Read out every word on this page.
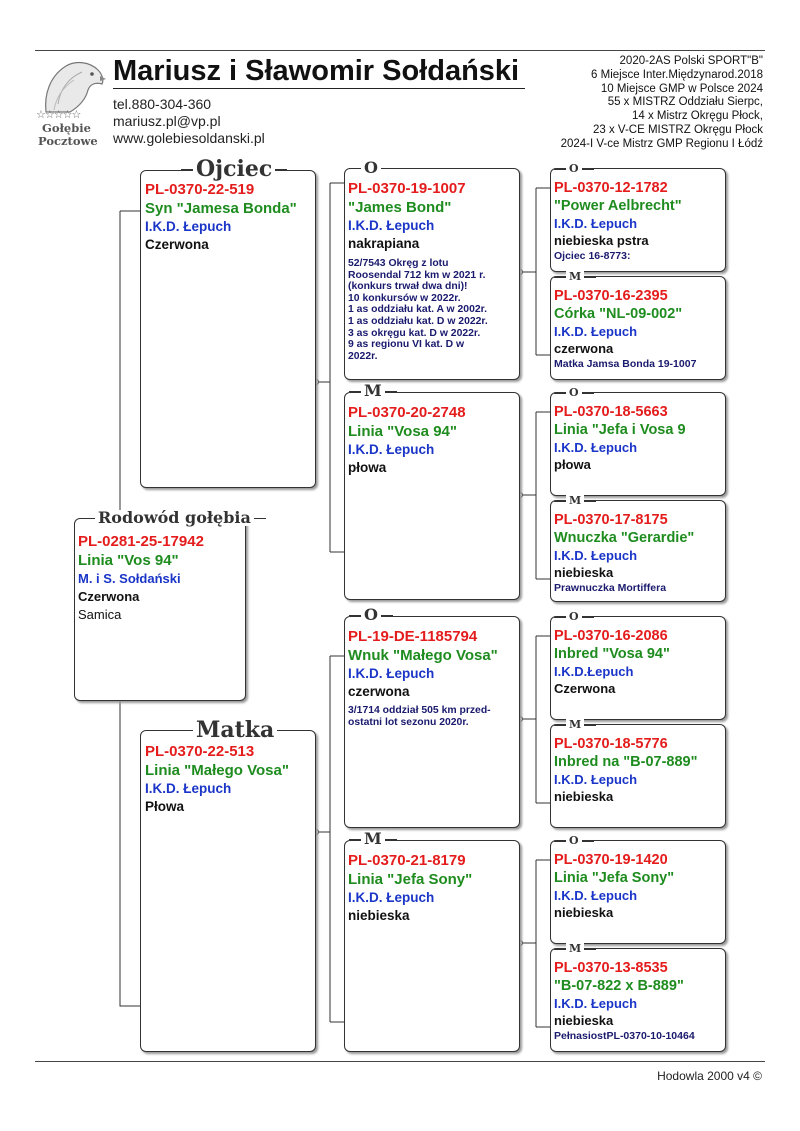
☆☆☆☆☆
Gołębie
Pocztowe
Mariusz i Sławomir Sołdański
tel.880-304-360
mariusz.pl@vp.pl
www.golebiesoldanski.pl
2020-2AS Polski SPORT"B"
6 Miejsce Inter.Międzynarod.2018
10 Miejsce GMP w Polsce 2024
55 x MISTRZ Oddziału Sierpc,
14 x Mistrz Okręgu Płock,
23 x V-CE MISTRZ Okręgu Płock
2024-I V-ce Mistrz GMP Regionu I Łódź
Rodowód gołębia
PL-0281-25-17942
Linia "Vos 94"
M. i S. Sołdański
Czerwona
Samica
Ojciec
PL-0370-22-519
Syn "Jamesa Bonda"
I.K.D. Łepuch
Czerwona
Matka
PL-0370-22-513
Linia "Małego Vosa"
I.K.D. Łepuch
Płowa
O
PL-0370-19-1007
"James Bond"
I.K.D. Łepuch
nakrapiana
52/7543 Okręg z lotu
Roosendal 712 km w 2021 r.
(konkurs trwał dwa dni)!
10 konkursów w 2022r.
1 as oddziału kat. A w 2002r.
1 as oddziału kat. D w 2022r.
3 as okręgu kat. D w 2022r.
9 as regionu VI kat. D w
2022r.
M
PL-0370-20-2748
Linia "Vosa 94"
I.K.D. Łepuch
płowa
O
PL-19-DE-1185794
Wnuk "Małego Vosa"
I.K.D. Łepuch
czerwona
3/1714 oddział 505 km przed-
ostatni lot sezonu 2020r.
M
PL-0370-21-8179
Linia "Jefa Sony"
I.K.D. Łepuch
niebieska
O
PL-0370-12-1782
"Power Aelbrecht"
I.K.D. Łepuch
niebieska pstra
Ojciec 16-8773:
M
PL-0370-16-2395
Córka "NL-09-002"
I.K.D. Łepuch
czerwona
Matka Jamsa Bonda 19-1007
O
PL-0370-18-5663
Linia "Jefa i Vosa 9
I.K.D. Łepuch
płowa
M
PL-0370-17-8175
Wnuczka "Gerardie"
I.K.D. Łepuch
niebieska
Prawnuczka Mortiffera
O
PL-0370-16-2086
Inbred "Vosa 94"
I.K.D.Łepuch
Czerwona
M
PL-0370-18-5776
Inbred na "B-07-889"
I.K.D. Łepuch
niebieska
O
PL-0370-19-1420
Linia "Jefa Sony"
I.K.D. Łepuch
niebieska
M
PL-0370-13-8535
"B-07-822 x B-889"
I.K.D. Łepuch
niebieska
PełnasiostPL-0370-10-10464
Hodowla 2000 v4 ©
